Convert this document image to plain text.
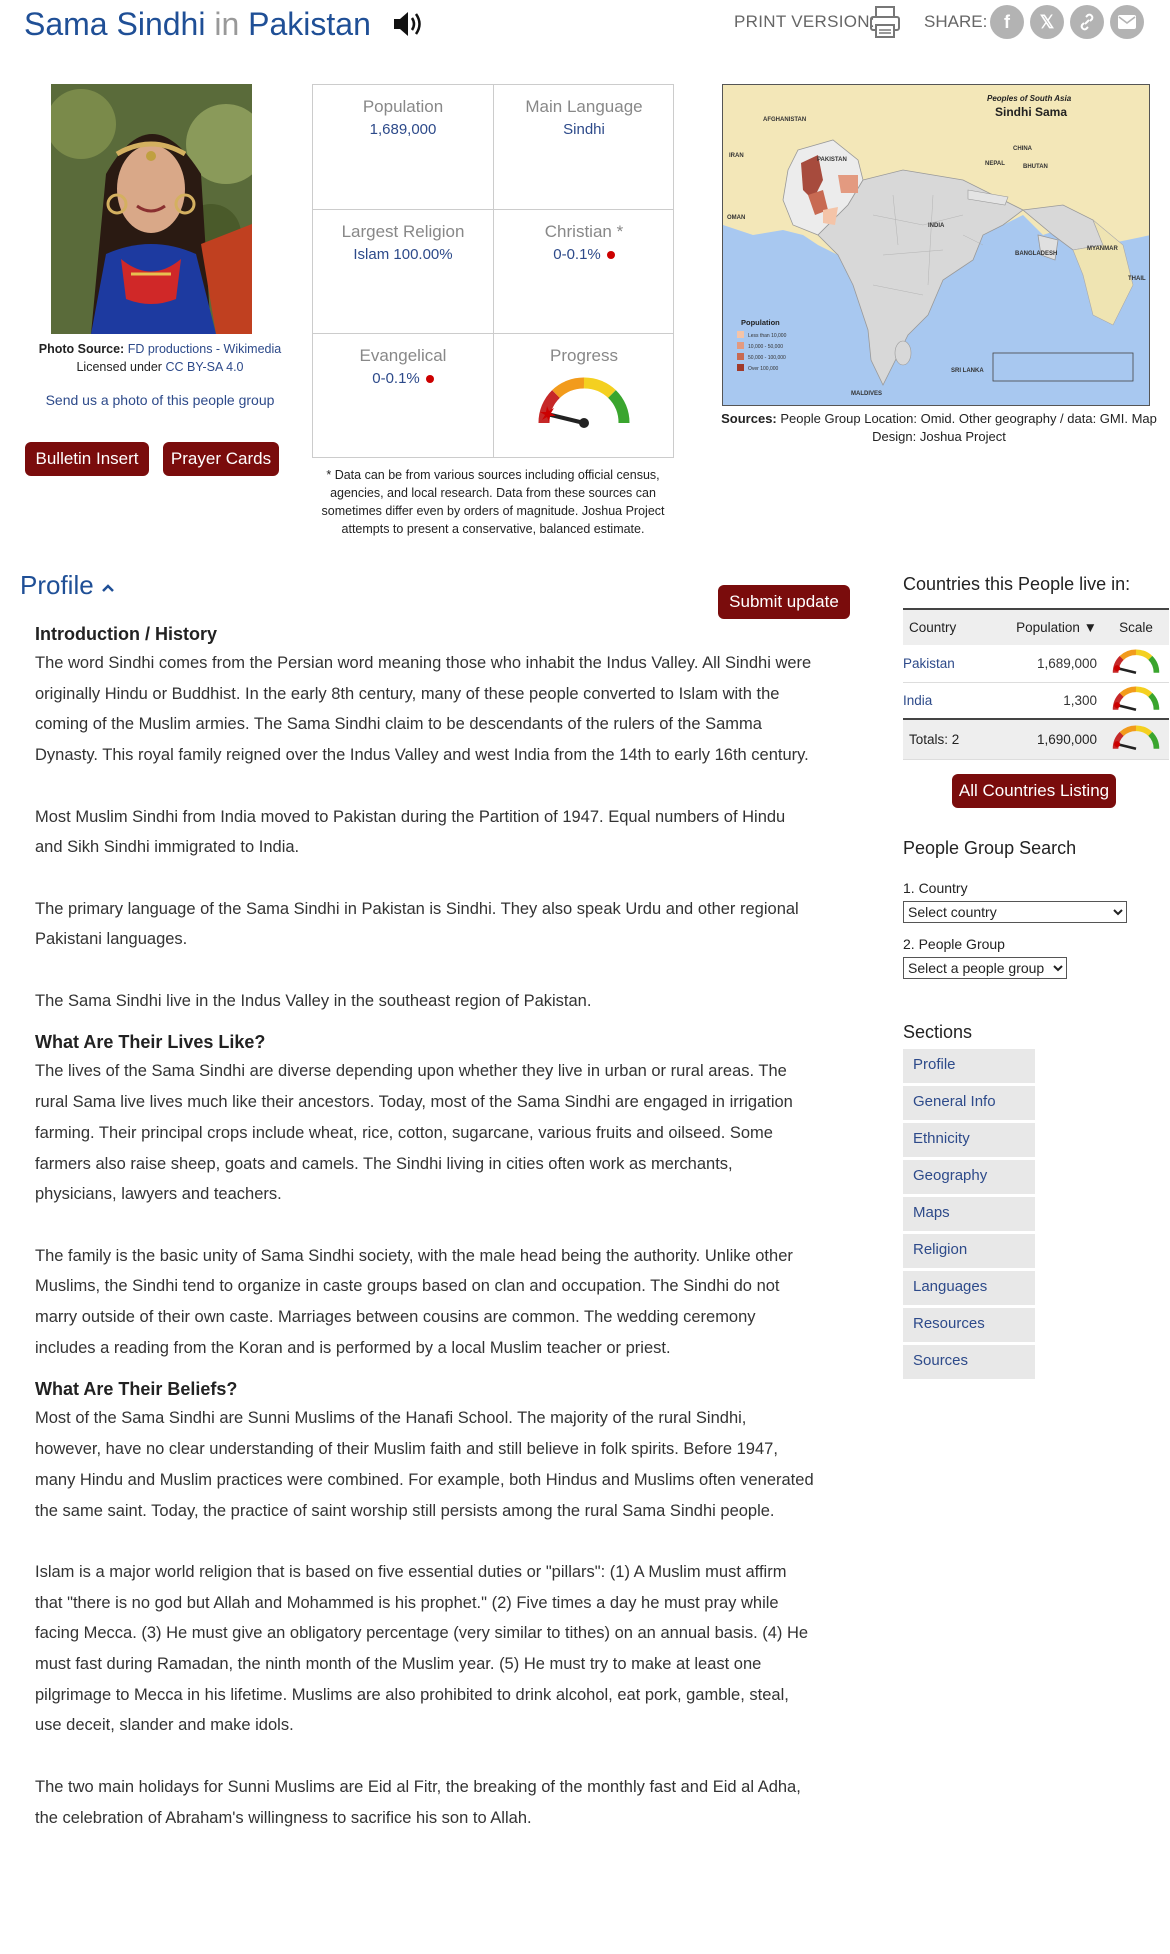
Sama Sindhi in Pakistan	PRINT VERSION:	SHARE: f	𝕏
Photo Source: FD productions - Wikimedia
Licensed under CC BY-SA 4.0
Send us a photo of this people group
Bulletin Insert	Prayer Cards
Population
1,689,000
Main Language
Sindhi
Largest Religion
Islam 100.00%
Christian *
0-0.1%
Evangelical
0-0.1%
Progress
* Data can be from various sources including official census, agencies, and local research. Data from these sources can sometimes differ even by orders of magnitude. Joshua Project attempts to present a conservative, balanced estimate.
Peoples of South Asia
Sindhi Sama
AFGHANISTAN
IRAN
PAKISTAN
CHINA
NEPAL	BHUTAN
INDIA
OMAN
BANGLADESH
MYANMAR
SRI LANKA
MALDIVES
THAIL
Population
Less than 10,000
10,000 - 50,000
50,000 - 100,000
Over 100,000
Sources: People Group Location: Omid. Other geography / data: GMI. Map Design: Joshua Project
Profile
Submit update
Introduction / History

The word Sindhi comes from the Persian word meaning those who inhabit the Indus Valley. All Sindhi were originally Hindu or Buddhist. In the early 8th century, many of these people converted to Islam with the coming of the Muslim armies. The Sama Sindhi claim to be descendants of the rulers of the Samma Dynasty. This royal family reigned over the Indus Valley and west India from the 14th to early 16th century.

Most Muslim Sindhi from India moved to Pakistan during the Partition of 1947. Equal numbers of Hindu and Sikh Sindhi immigrated to India.

The primary language of the Sama Sindhi in Pakistan is Sindhi. They also speak Urdu and other regional Pakistani languages.

The Sama Sindhi live in the Indus Valley in the southeast region of Pakistan.

What Are Their Lives Like?

The lives of the Sama Sindhi are diverse depending upon whether they live in urban or rural areas. The rural Sama live lives much like their ancestors. Today, most of the Sama Sindhi are engaged in irrigation farming. Their principal crops include wheat, rice, cotton, sugarcane, various fruits and oilseed. Some farmers also raise sheep, goats and camels. The Sindhi living in cities often work as merchants, physicians, lawyers and teachers.

The family is the basic unity of Sama Sindhi society, with the male head being the authority. Unlike other Muslims, the Sindhi tend to organize in caste groups based on clan and occupation. The Sindhi do not marry outside of their own caste. Marriages between cousins are common. The wedding ceremony includes a reading from the Koran and is performed by a local Muslim teacher or priest.

What Are Their Beliefs?

Most of the Sama Sindhi are Sunni Muslims of the Hanafi School. The majority of the rural Sindhi, however, have no clear understanding of their Muslim faith and still believe in folk spirits. Before 1947, many Hindu and Muslim practices were combined. For example, both Hindus and Muslims often venerated the same saint. Today, the practice of saint worship still persists among the rural Sama Sindhi people.

Islam is a major world religion that is based on five essential duties or "pillars": (1) A Muslim must affirm that "there is no god but Allah and Mohammed is his prophet." (2) Five times a day he must pray while facing Mecca. (3) He must give an obligatory percentage (very similar to tithes) on an annual basis. (4) He must fast during Ramadan, the ninth month of the Muslim year. (5) He must try to make at least one pilgrimage to Mecca in his lifetime. Muslims are also prohibited to drink alcohol, eat pork, gamble, steal, use deceit, slander and make idols.

The two main holidays for Sunni Muslims are Eid al Fitr, the breaking of the monthly fast and Eid al Adha, the celebration of Abraham's willingness to sacrifice his son to Allah.

Countries this People live in:
Country	Population ▼	Scale
Pakistan	1,689,000	
India	1,300	
Totals: 2	1,690,000	
All Countries Listing
People Group Search
1. Country
Select country
2. People Group
Select a people group
Sections
Profile
General Info
Ethnicity
Geography
Maps
Religion
Languages
Resources
Sources
